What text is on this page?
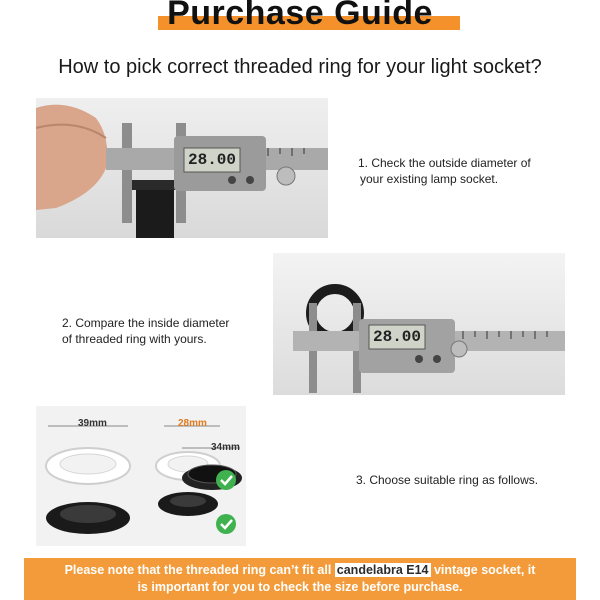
Purchase Guide
How to pick correct threaded ring for your light socket?
28.00	1. Check the outside diameter of
your existing lamp socket.
28.00
2. Compare the inside diameter
of threaded ring with yours.
39mm	28mm
34mm
3. Choose suitable ring as follows.
Please note that the threaded ring can’t fit all candelabra E14 vintage socket, it
is important for you to check the size before purchase.
